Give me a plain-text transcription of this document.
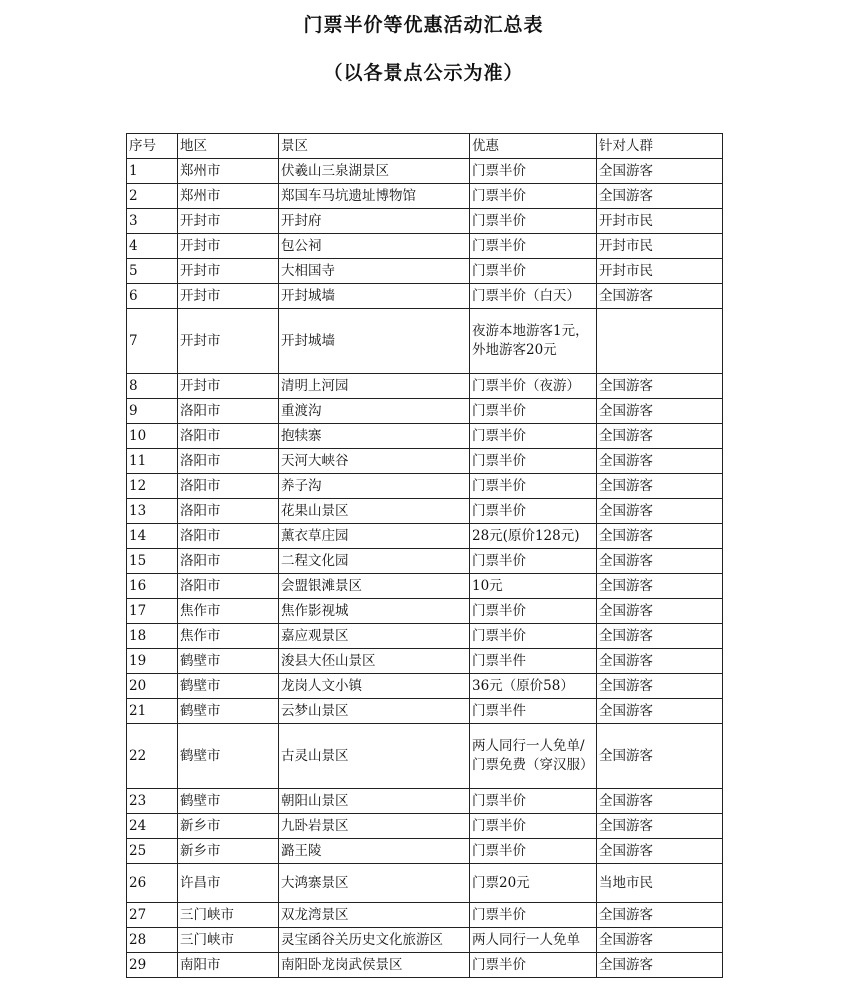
门票半价等优惠活动汇总表
（以各景点公示为准）
序号	地区	景区	优惠	针对人群
1	郑州市	伏羲山三泉湖景区	门票半价	全国游客
2	郑州市	郑国车马坑遗址博物馆	门票半价	全国游客
3	开封市	开封府	门票半价	开封市民
4	开封市	包公祠	门票半价	开封市民
5	开封市	大相国寺	门票半价	开封市民
6	开封市	开封城墙	门票半价（白天）	全国游客
7	开封市	开封城墙	夜游本地游客1元，外地游客20元	
8	开封市	清明上河园	门票半价（夜游）	全国游客
9	洛阳市	重渡沟	门票半价	全国游客
10	洛阳市	抱犊寨	门票半价	全国游客
11	洛阳市	天河大峡谷	门票半价	全国游客
12	洛阳市	养子沟	门票半价	全国游客
13	洛阳市	花果山景区	门票半价	全国游客
14	洛阳市	薰衣草庄园	28元(原价128元)	全国游客
15	洛阳市	二程文化园	门票半价	全国游客
16	洛阳市	会盟银滩景区	10元	全国游客
17	焦作市	焦作影视城	门票半价	全国游客
18	焦作市	嘉应观景区	门票半价	全国游客
19	鹤壁市	浚县大伾山景区	门票半件	全国游客
20	鹤壁市	龙岗人文小镇	36元（原价58）	全国游客
21	鹤壁市	云梦山景区	门票半件	全国游客
22	鹤壁市	古灵山景区	两人同行一人免单/门票免费（穿汉服）	全国游客
23	鹤壁市	朝阳山景区	门票半价	全国游客
24	新乡市	九卧岩景区	门票半价	全国游客
25	新乡市	潞王陵	门票半价	全国游客
26	许昌市	大鸿寨景区	门票20元	当地市民
27	三门峡市	双龙湾景区	门票半价	全国游客
28	三门峡市	灵宝函谷关历史文化旅游区	两人同行一人免单	全国游客
29	南阳市	南阳卧龙岗武侯景区	门票半价	全国游客
